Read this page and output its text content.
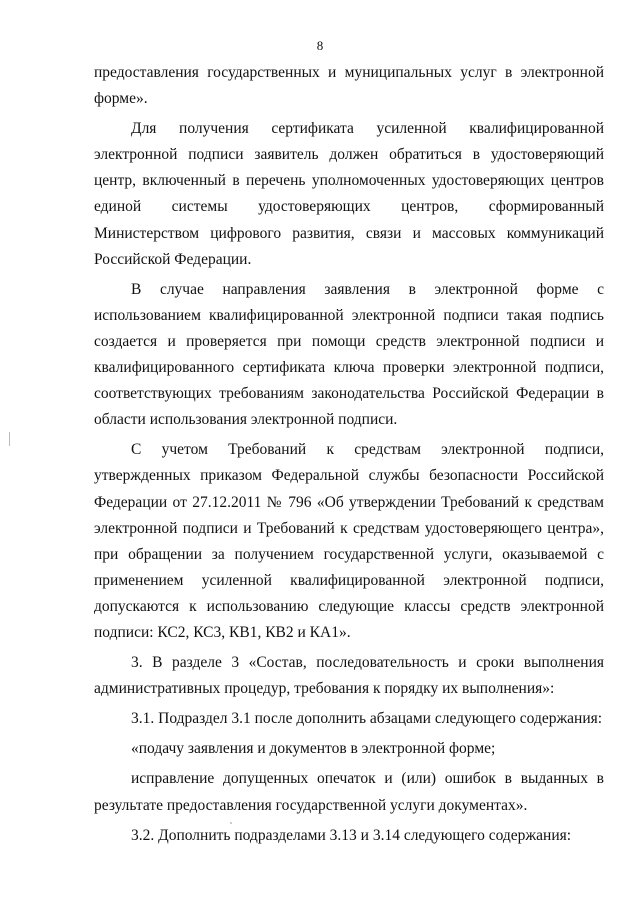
8

предоставления государственных и муниципальных услуг в электронной форме».

Для получения сертификата усиленной квалифицированной электронной подписи заявитель должен обратиться в удостоверяющий центр, включенный в перечень уполномоченных удостоверяющих центров единой системы удостоверяющих центров, сформированный Министерством цифрового развития, связи и массовых коммуникаций Российской Федерации.

В случае направления заявления в электронной форме с использованием квалифицированной электронной подписи такая подпись создается и проверяется при помощи средств электронной подписи и квалифицированного сертификата ключа проверки электронной подписи, соответствующих требованиям законодательства Российской Федерации в области использования электронной подписи.

С учетом Требований к средствам электронной подписи, утвержденных приказом Федеральной службы безопасности Российской Федерации от 27.12.2011 № 796 «Об утверждении Требований к средствам электронной подписи и Требований к средствам удостоверяющего центра», при обращении за получением государственной услуги, оказываемой с применением усиленной квалифицированной электронной подписи, допускаются к использованию следующие классы средств электронной подписи: КС2, КС3, КВ1, КВ2 и КА1».

3. В разделе 3 «Состав, последовательность и сроки выполнения административных процедур, требования к порядку их выполнения»:

3.1. Подраздел 3.1 после дополнить абзацами следующего содержания:

«подачу заявления и документов в электронной форме;

исправление допущенных опечаток и (или) ошибок в выданных в результате предоставления государственной услуги документах».

3.2. Дополнить подразделами 3.13 и 3.14 следующего содержания:
